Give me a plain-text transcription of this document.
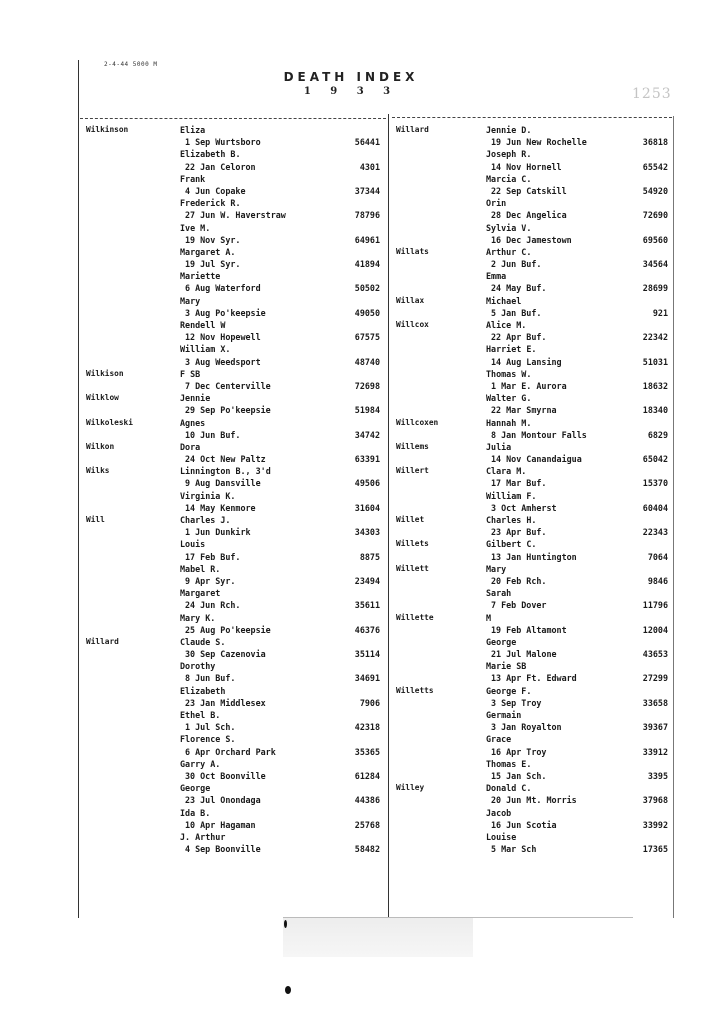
2-4-44 5000 M
DEATH INDEX
1 9 3 3	1253
Wilkinson	Eliza
1 Sep Wurtsboro	56441
Elizabeth B.
22 Jan Celoron	4301
Frank
4 Jun Copake	37344
Frederick R.
27 Jun W. Haverstraw	78796
Ive M.
19 Nov Syr.	64961
Margaret A.
19 Jul Syr.	41894
Mariette
6 Aug Waterford	50502
Mary
3 Aug Po'keepsie	49050
Rendell W
12 Nov Hopewell	67575
William X.
3 Aug Weedsport	48740
Wilkison	F SB
7 Dec Centerville	72698
Wilklow	Jennie
29 Sep Po'keepsie	51984
Wilkoleski	Agnes
10 Jun Buf.	34742
Wilkon	Dora
24 Oct New Paltz	63391
Wilks	Linnington B., 3'd
9 Aug Dansville	49506
Virginia K.
14 May Kenmore	31604
Will	Charles J.
1 Jun Dunkirk	34303
Louis
17 Feb Buf.	8875
Mabel R.
9 Apr Syr.	23494
Margaret
24 Jun Rch.	35611
Mary K.
25 Aug Po'keepsie	46376
Willard	Claude S.
30 Sep Cazenovia	35114
Dorothy
8 Jun Buf.	34691
Elizabeth
23 Jan Middlesex	7906
Ethel B.
1 Jul Sch.	42318
Florence S.
6 Apr Orchard Park	35365
Garry A.
30 Oct Boonville	61284
George
23 Jul Onondaga	44386
Ida B.
10 Apr Hagaman	25768
J. Arthur
4 Sep Boonville	58482
Willard	Jennie D.
19 Jun New Rochelle	36818
Joseph R.
14 Nov Hornell	65542
Marcia C.
22 Sep Catskill	54920
Orin
28 Dec Angelica	72690
Sylvia V.
16 Dec Jamestown	69560
Willats	Arthur C.
2 Jun Buf.	34564
Emma
24 May Buf.	28699
Willax	Michael
5 Jan Buf.	921
Willcox	Alice M.
22 Apr Buf.	22342
Harriet E.
14 Aug Lansing	51031
Thomas W.
1 Mar E. Aurora	18632
Walter G.
22 Mar Smyrna	18340
Willcoxen	Hannah M.
8 Jan Montour Falls	6829
Willems	Julia
14 Nov Canandaigua	65042
Willert	Clara M.
17 Mar Buf.	15370
William F.
3 Oct Amherst	60404
Willet	Charles H.
23 Apr Buf.	22343
Willets	Gilbert C.
13 Jan Huntington	7064
Willett	Mary
20 Feb Rch.	9846
Sarah
7 Feb Dover	11796
Willette	M
19 Feb Altamont	12004
George
21 Jul Malone	43653
Marie SB
13 Apr Ft. Edward	27299
Willetts	George F.
3 Sep Troy	33658
Germain
3 Jan Royalton	39367
Grace
16 Apr Troy	33912
Thomas E.
15 Jan Sch.	3395
Willey	Donald C.
20 Jun Mt. Morris	37968
Jacob
16 Jun Scotia	33992
Louise
5 Mar Sch	17365
